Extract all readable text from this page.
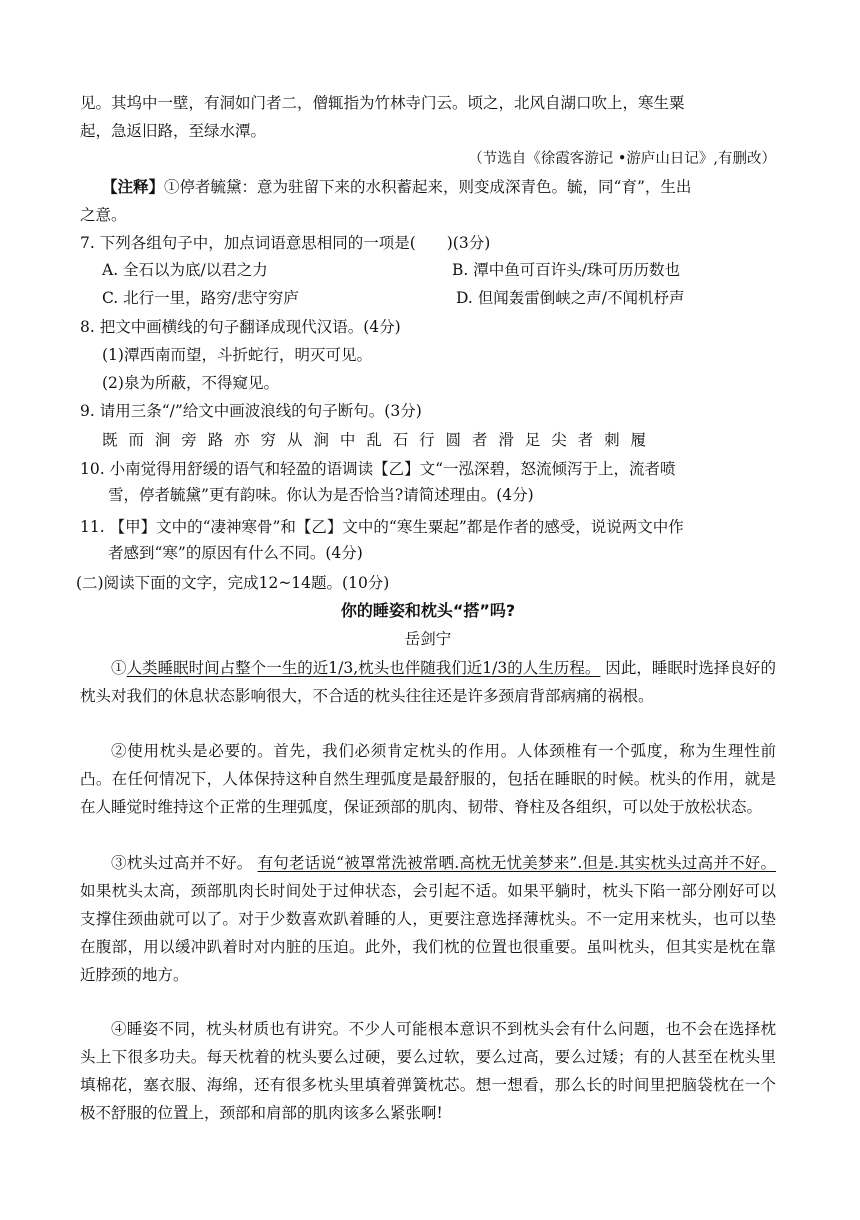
见。其坞中一壁，有洞如门者二，僧辄指为竹林寺门云。顷之，北风自湖口吹上，寒生粟
起，急返旧路，至绿水潭。
（节选自《徐霞客游记 •游庐山日记》,有删改）
【注释】①停者毓黛：意为驻留下来的水积蓄起来，则变成深青色。毓，同“育”，生出
之意。
7. 下列各组句子中，加点词语意思相同的一项是(　　)(3分)
A. 全石以为底/以君之力	B. 潭中鱼可百许头/珠可历历数也
C. 北行一里，路穷/悲守穷庐	D. 但闻轰雷倒峡之声/不闻机杼声
8. 把文中画横线的句子翻译成现代汉语。(4分)
(1)潭西南而望，斗折蛇行，明灭可见。
(2)泉为所蔽，不得窥见。
9. 请用三条“/”给文中画波浪线的句子断句。(3分)
既 而 涧 旁 路 亦 穷 从 涧 中 乱 石 行 圆 者 滑 足 尖 者 刺 履
10. 小南觉得用舒缓的语气和轻盈的语调读【乙】文“一泓深碧，怒流倾泻于上，流者喷
雪，停者毓黛”更有韵味。你认为是否恰当?请简述理由。(4分)
11. 【甲】文中的“凄神寒骨”和【乙】文中的“寒生粟起”都是作者的感受，说说两文中作
者感到“寒”的原因有什么不同。(4分)
(二)阅读下面的文字，完成12~14题。(10分)
你的睡姿和枕头“搭”吗?
岳剑宁
①人类睡眠时间占整个一生的近1/3,枕头也伴随我们近1/3的人生历程。 因此，睡眠时选择良好的枕头对我们的休息状态影响很大，不合适的枕头往往还是许多颈肩背部病痛的祸根。
②使用枕头是必要的。首先，我们必须肯定枕头的作用。人体颈椎有一个弧度，称为生理性前凸。在任何情况下，人体保持这种自然生理弧度是最舒服的，包括在睡眠的时候。枕头的作用，就是在人睡觉时维持这个正常的生理弧度，保证颈部的肌肉、韧带、脊柱及各组织，可以处于放松状态。
③枕头过高并不好。 有句老话说“被罩常洗被常晒.高枕无忧美梦来”.但是.其实枕头过高并不好。 如果枕头太高，颈部肌肉长时间处于过伸状态，会引起不适。如果平躺时，枕头下陷一部分刚好可以支撑住颈曲就可以了。对于少数喜欢趴着睡的人，更要注意选择薄枕头。不一定用来枕头，也可以垫在腹部，用以缓冲趴着时对内脏的压迫。此外，我们枕的位置也很重要。虽叫枕头，但其实是枕在靠近脖颈的地方。
④睡姿不同，枕头材质也有讲究。不少人可能根本意识不到枕头会有什么问题，也不会在选择枕头上下很多功夫。每天枕着的枕头要么过硬，要么过软，要么过高，要么过矮；有的人甚至在枕头里填棉花，塞衣服、海绵，还有很多枕头里填着弹簧枕芯。想一想看，那么长的时间里把脑袋枕在一个极不舒服的位置上，颈部和肩部的肌肉该多么紧张啊!
